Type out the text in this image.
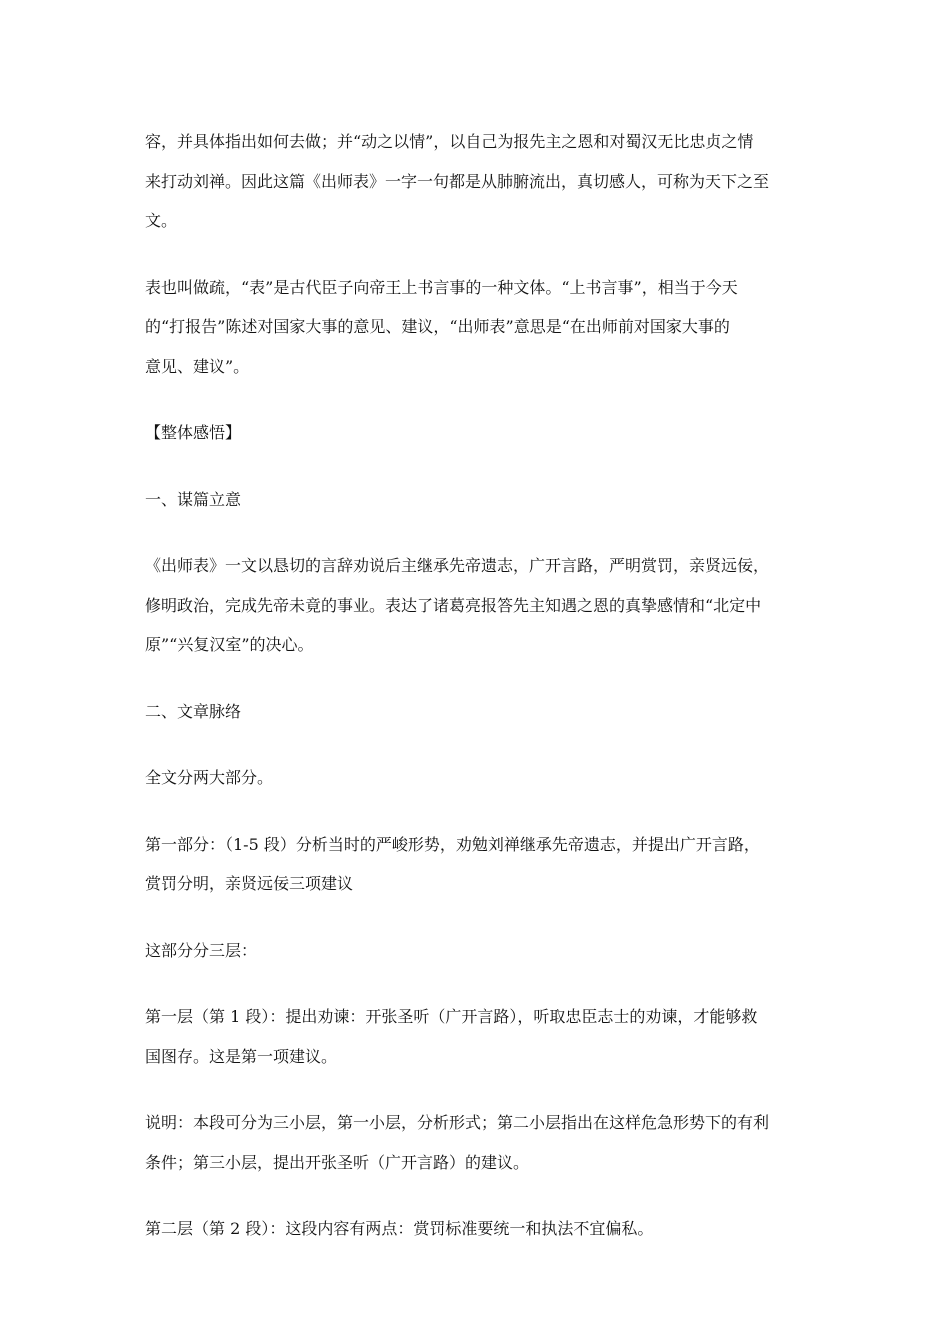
容，并具体指出如何去做；并“动之以情”，以自己为报先主之恩和对蜀汉无比忠贞之情
来打动刘禅。因此这篇《出师表》一字一句都是从肺腑流出，真切感人，可称为天下之至
文。

表也叫做疏，“表”是古代臣子向帝王上书言事的一种文体。“上书言事”，相当于今天
的“打报告”陈述对国家大事的意见、建议，“出师表”意思是“在出师前对国家大事的
意见、建议”。

【整体感悟】

一、谋篇立意

《出师表》一文以恳切的言辞劝说后主继承先帝遗志，广开言路，严明赏罚，亲贤远佞，
修明政治，完成先帝未竟的事业。表达了诸葛亮报答先主知遇之恩的真挚感情和“北定中
原”“兴复汉室”的决心。

二、文章脉络

全文分两大部分。

第一部分：（1-5 段）分析当时的严峻形势，劝勉刘禅继承先帝遗志，并提出广开言路，
赏罚分明，亲贤远佞三项建议

这部分分三层：

第一层（第 1 段）：提出劝谏：开张圣听（广开言路），听取忠臣志士的劝谏，才能够救
国图存。这是第一项建议。

说明：本段可分为三小层，第一小层，分析形式；第二小层指出在这样危急形势下的有利
条件；第三小层，提出开张圣听（广开言路）的建议。

第二层（第 2 段）：这段内容有两点：赏罚标准要统一和执法不宜偏私。
